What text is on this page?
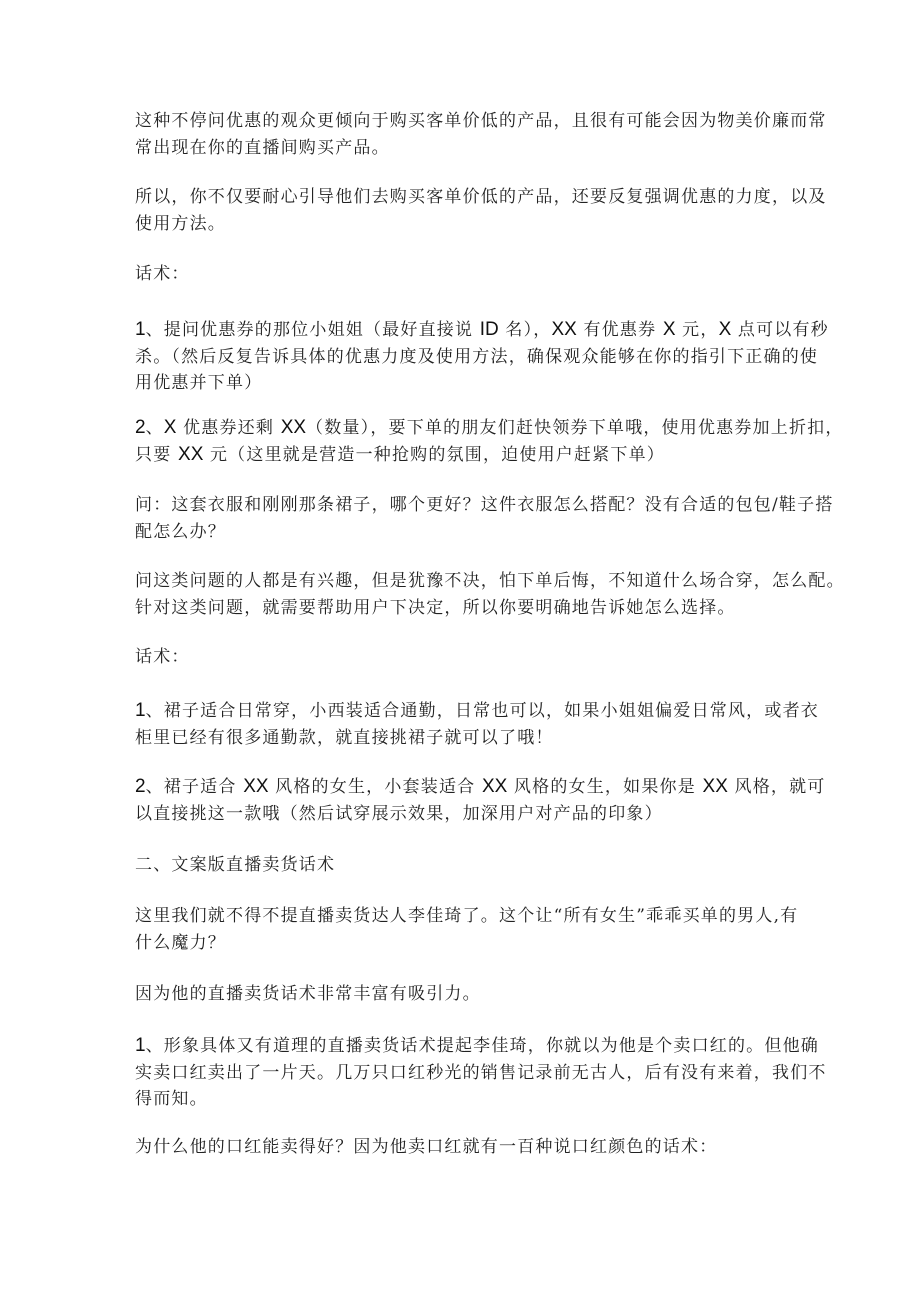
这种不停问优惠的观众更倾向于购买客单价低的产品，且很有可能会因为物美价廉而常
常出现在你的直播间购买产品。
所以，你不仅要耐心引导他们去购买客单价低的产品，还要反复强调优惠的力度，以及
使用方法。
话术：
1、提问优惠券的那位小姐姐（最好直接说 ID 名），XX 有优惠券 X 元，X 点可以有秒
杀。（然后反复告诉具体的优惠力度及使用方法，确保观众能够在你的指引下正确的使
用优惠并下单）
2、X 优惠券还剩 XX（数量），要下单的朋友们赶快领券下单哦，使用优惠券加上折扣，
只要 XX 元（这里就是营造一种抢购的氛围，迫使用户赶紧下单）
问：这套衣服和刚刚那条裙子，哪个更好？这件衣服怎么搭配？没有合适的包包/鞋子搭
配怎么办？
问这类问题的人都是有兴趣，但是犹豫不决，怕下单后悔，不知道什么场合穿，怎么配。
针对这类问题，就需要帮助用户下决定，所以你要明确地告诉她怎么选择。
话术：
1、裙子适合日常穿，小西装适合通勤，日常也可以，如果小姐姐偏爱日常风，或者衣
柜里已经有很多通勤款，就直接挑裙子就可以了哦！
2、裙子适合 XX 风格的女生，小套装适合 XX 风格的女生，如果你是 XX 风格，就可
以直接挑这一款哦（然后试穿展示效果，加深用户对产品的印象）
二、文案版直播卖货话术
这里我们就不得不提直播卖货达人李佳琦了。这个让“所有女生”乖乖买单的男人,有
什么魔力？
因为他的直播卖货话术非常丰富有吸引力。
1、形象具体又有道理的直播卖货话术提起李佳琦，你就以为他是个卖口红的。但他确
实卖口红卖出了一片天。几万只口红秒光的销售记录前无古人，后有没有来着，我们不
得而知。
为什么他的口红能卖得好？因为他卖口红就有一百种说口红颜色的话术：
